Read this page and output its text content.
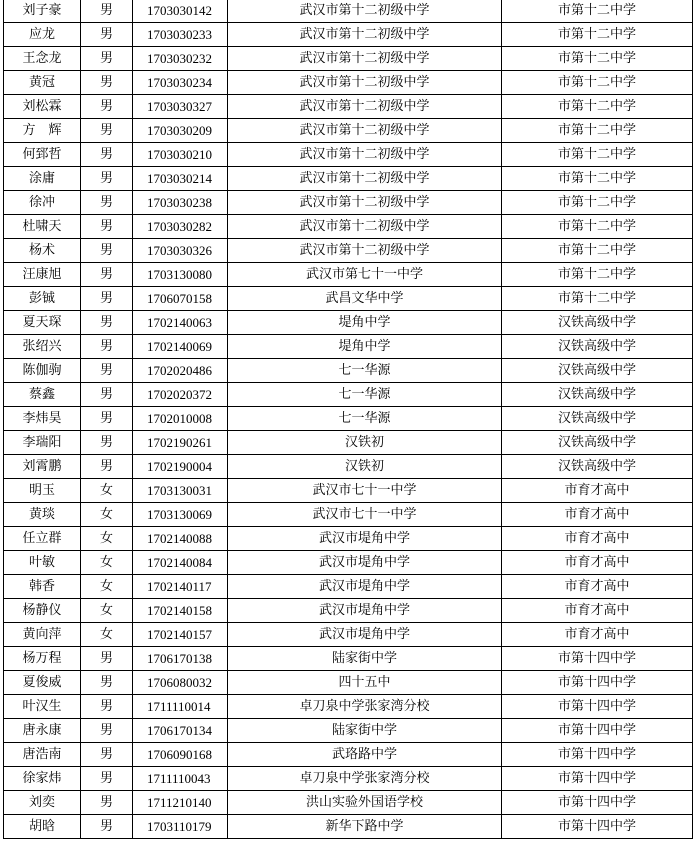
刘子豪	男	1703030142	武汉市第十二初级中学	市第十二中学
应龙	男	1703030233	武汉市第十二初级中学	市第十二中学
王念龙	男	1703030232	武汉市第十二初级中学	市第十二中学
黄冠	男	1703030234	武汉市第十二初级中学	市第十二中学
刘松霖	男	1703030327	武汉市第十二初级中学	市第十二中学
方　辉	男	1703030209	武汉市第十二初级中学	市第十二中学
何郅哲	男	1703030210	武汉市第十二初级中学	市第十二中学
涂庸	男	1703030214	武汉市第十二初级中学	市第十二中学
徐冲	男	1703030238	武汉市第十二初级中学	市第十二中学
杜啸天	男	1703030282	武汉市第十二初级中学	市第十二中学
杨术	男	1703030326	武汉市第十二初级中学	市第十二中学
汪康旭	男	1703130080	武汉市第七十一中学	市第十二中学
彭铖	男	1706070158	武昌文华中学	市第十二中学
夏天琛	男	1702140063	堤角中学	汉铁高级中学
张绍兴	男	1702140069	堤角中学	汉铁高级中学
陈伽驹	男	1702020486	七一华源	汉铁高级中学
蔡鑫	男	1702020372	七一华源	汉铁高级中学
李炜昊	男	1702010008	七一华源	汉铁高级中学
李瑞阳	男	1702190261	汉铁初	汉铁高级中学
刘霄鹏	男	1702190004	汉铁初	汉铁高级中学
明玉	女	1703130031	武汉市七十一中学	市育才高中
黄琰	女	1703130069	武汉市七十一中学	市育才高中
任立群	女	1702140088	武汉市堤角中学	市育才高中
叶敏	女	1702140084	武汉市堤角中学	市育才高中
韩香	女	1702140117	武汉市堤角中学	市育才高中
杨静仪	女	1702140158	武汉市堤角中学	市育才高中
黄向萍	女	1702140157	武汉市堤角中学	市育才高中
杨万程	男	1706170138	陆家街中学	市第十四中学
夏俊威	男	1706080032	四十五中	市第十四中学
叶汉生	男	1711110014	卓刀泉中学张家湾分校	市第十四中学
唐永康	男	1706170134	陆家街中学	市第十四中学
唐浩南	男	1706090168	武珞路中学	市第十四中学
徐家炜	男	1711110043	卓刀泉中学张家湾分校	市第十四中学
刘奕	男	1711210140	洪山实验外国语学校	市第十四中学
胡晗	男	1703110179	新华下路中学	市第十四中学
